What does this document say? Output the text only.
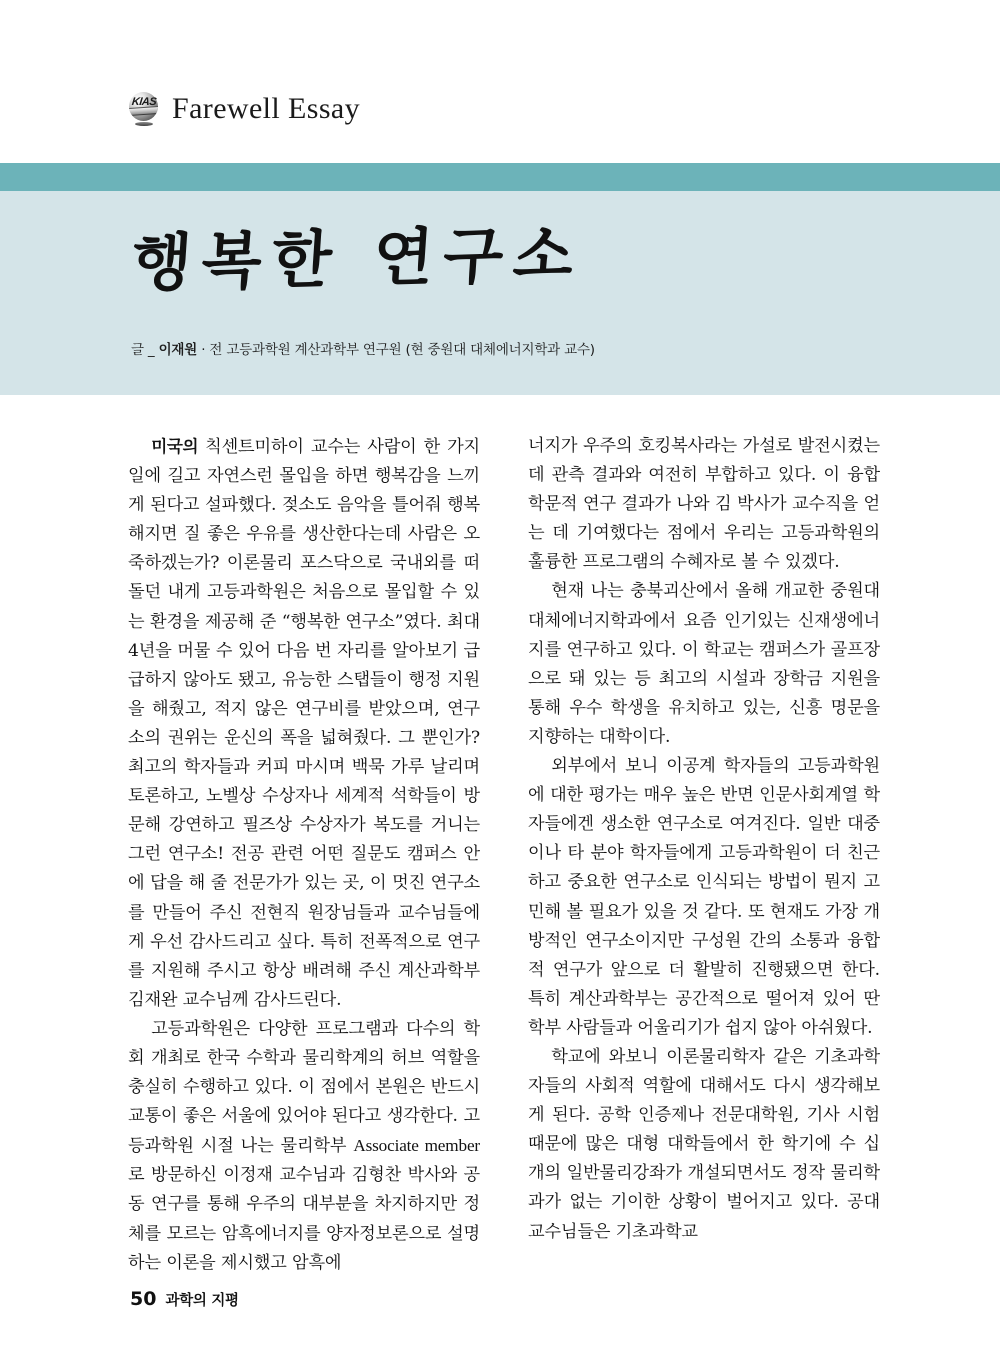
KIAS Farewell Essay
행복한 연구소
글 _ 이재원 · 전 고등과학원 계산과학부 연구원 (현 중원대 대체에너지학과 교수)

미국의 칙센트미하이 교수는 사람이 한 가지 일에 길고 자연스런 몰입을 하면 행복감을 느끼게 된다고 설파했다. 젖소도 음악을 틀어줘 행복해지면 질 좋은 우유를 생산한다는데 사람은 오죽하겠는가? 이론물리 포스닥으로 국내외를 떠돌던 내게 고등과학원은 처음으로 몰입할 수 있는 환경을 제공해 준 “행복한 연구소”였다. 최대 4년을 머물 수 있어 다음 번 자리를 알아보기 급급하지 않아도 됐고, 유능한 스탭들이 행정 지원을 해줬고, 적지 않은 연구비를 받았으며, 연구소의 권위는 운신의 폭을 넓혀줬다. 그 뿐인가? 최고의 학자들과 커피 마시며 백묵 가루 날리며 토론하고, 노벨상 수상자나 세계적 석학들이 방문해 강연하고 필즈상 수상자가 복도를 거니는 그런 연구소! 전공 관련 어떤 질문도 캠퍼스 안에 답을 해 줄 전문가가 있는 곳, 이 멋진 연구소를 만들어 주신 전현직 원장님들과 교수님들에게 우선 감사드리고 싶다. 특히 전폭적으로 연구를 지원해 주시고 항상 배려해 주신 계산과학부 김재완 교수님께 감사드린다.

고등과학원은 다양한 프로그램과 다수의 학회 개최로 한국 수학과 물리학계의 허브 역할을 충실히 수행하고 있다. 이 점에서 본원은 반드시 교통이 좋은 서울에 있어야 된다고 생각한다. 고등과학원 시절 나는 물리학부 Associate member로 방문하신 이정재 교수님과 김형찬 박사와 공동 연구를 통해 우주의 대부분을 차지하지만 정체를 모르는 암흑에너지를 양자정보론으로 설명하는 이론을 제시했고 암흑에

너지가 우주의 호킹복사라는 가설로 발전시켰는데 관측 결과와 여전히 부합하고 있다. 이 융합 학문적 연구 결과가 나와 김 박사가 교수직을 얻는 데 기여했다는 점에서 우리는 고등과학원의 훌륭한 프로그램의 수혜자로 볼 수 있겠다.

현재 나는 충북괴산에서 올해 개교한 중원대 대체에너지학과에서 요즘 인기있는 신재생에너지를 연구하고 있다. 이 학교는 캠퍼스가 골프장으로 돼 있는 등 최고의 시설과 장학금 지원을 통해 우수 학생을 유치하고 있는, 신흥 명문을 지향하는 대학이다.

외부에서 보니 이공계 학자들의 고등과학원에 대한 평가는 매우 높은 반면 인문사회계열 학자들에겐 생소한 연구소로 여겨진다. 일반 대중이나 타 분야 학자들에게 고등과학원이 더 친근하고 중요한 연구소로 인식되는 방법이 뭔지 고민해 볼 필요가 있을 것 같다. 또 현재도 가장 개방적인 연구소이지만 구성원 간의 소통과 융합적 연구가 앞으로 더 활발히 진행됐으면 한다. 특히 계산과학부는 공간적으로 떨어져 있어 딴 학부 사람들과 어울리기가 쉽지 않아 아쉬웠다.

학교에 와보니 이론물리학자 같은 기초과학자들의 사회적 역할에 대해서도 다시 생각해보게 된다. 공학 인증제나 전문대학원, 기사 시험 때문에 많은 대형 대학들에서 한 학기에 수 십 개의 일반물리강좌가 개설되면서도 정작 물리학과가 없는 기이한 상황이 벌어지고 있다. 공대 교수님들은 기초과학교

50 과학의 지평
